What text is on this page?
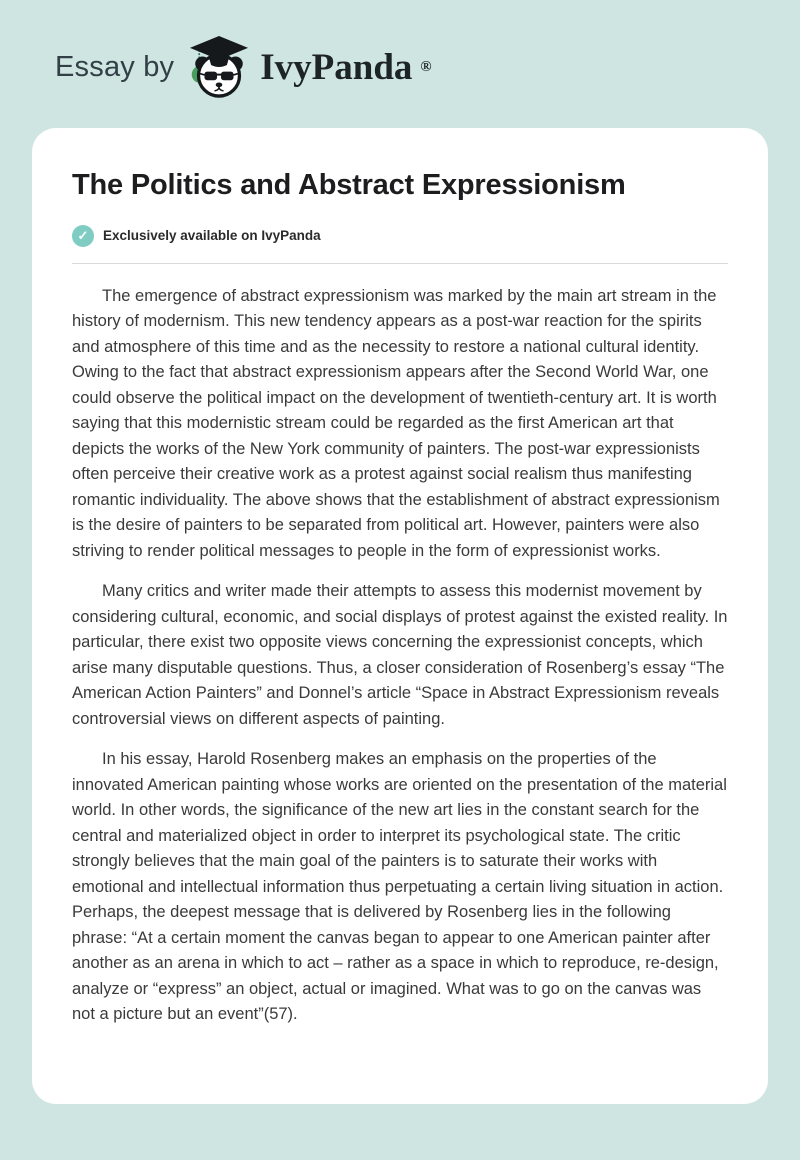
Essay by IvyPanda ®
The Politics and Abstract Expressionism
✓	Exclusively available on IvyPanda

The emergence of abstract expressionism was marked by the main art stream in the history of modernism. This new tendency appears as a post-war reaction for the spirits and atmosphere of this time and as the necessity to restore a national cultural identity. Owing to the fact that abstract expressionism appears after the Second World War, one could observe the political impact on the development of twentieth-century art. It is worth saying that this modernistic stream could be regarded as the first American art that depicts the works of the New York community of painters. The post-war expressionists often perceive their creative work as a protest against social realism thus manifesting romantic individuality. The above shows that the establishment of abstract expressionism is the desire of painters to be separated from political art. However, painters were also striving to render political messages to people in the form of expressionist works.

Many critics and writer made their attempts to assess this modernist movement by considering cultural, economic, and social displays of protest against the existed reality. In particular, there exist two opposite views concerning the expressionist concepts, which arise many disputable questions. Thus, a closer consideration of Rosenberg’s essay “The American Action Painters” and Donnel’s article “Space in Abstract Expressionism reveals controversial views on different aspects of painting.

In his essay, Harold Rosenberg makes an emphasis on the properties of the innovated American painting whose works are oriented on the presentation of the material world. In other words, the significance of the new art lies in the constant search for the central and materialized object in order to interpret its psychological state. The critic strongly believes that the main goal of the painters is to saturate their works with emotional and intellectual information thus perpetuating a certain living situation in action. Perhaps, the deepest message that is delivered by Rosenberg lies in the following phrase: “At a certain moment the canvas began to appear to one American painter after another as an arena in which to act – rather as a space in which to reproduce, re-design, analyze or “express” an object, actual or imagined. What was to go on the canvas was not a picture but an event”(57).
